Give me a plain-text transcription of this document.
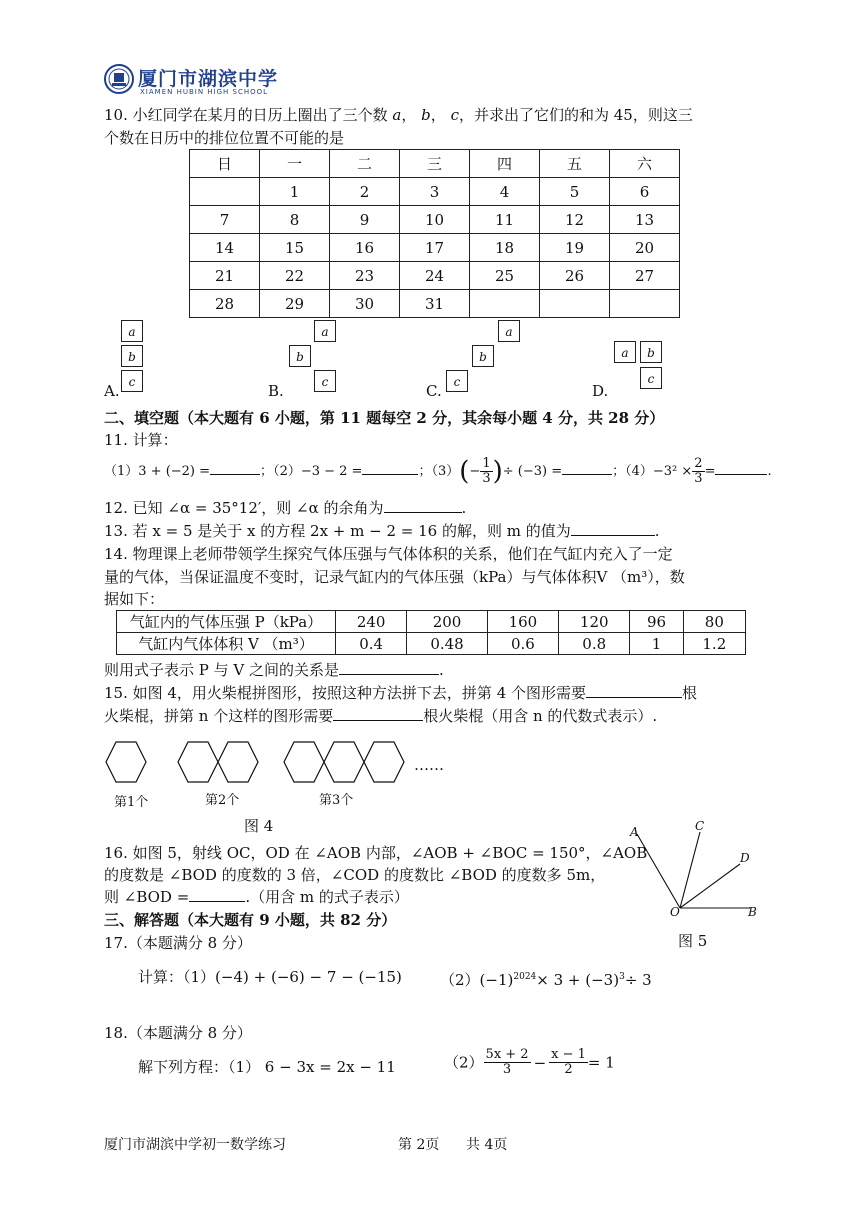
厦门市湖滨中学
XIAMEN HUBIN HIGH SCHOOL
10. 小红同学在某月的日历上圈出了三个数 a， b， c，并求出了它们的和为 45，则这三
个数在日历中的排位位置不可能的是
日	一	二	三	四	五	六
	1	2	3	4	5	6
7	8	9	10	11	12	13
14	15	16	17	18	19	20
21	22	23	24	25	26	27
28	29	30	31			
a
b
c
A.
a
b
c
B.
a
b
c
C.
a	b
c
D.
二、填空题（本大题有 6 小题，第 11 题每空 2 分，其余每小题 4 分，共 28 分）
11. 计算：
（1）3 + (−2) =	；（2）−3 − 2 =	；$(3)(- \frac{1}{3}$ )÷ (−3) =	；$(4)-3^2 \times \frac{2}{3}$ =	.
12. 已知 ∠α = 35°12′，则 ∠α 的余角为	.
13. 若 x = 5 是关于 x 的方程 2x + m − 2 = 16 的解，则 m 的值为	.
14. 物理课上老师带领学生探究气体压强与气体体积的关系，他们在气缸内充入了一定
量的气体，当保证温度不变时，记录气缸内的气体压强（kPa）与气体体积V （m³），数
据如下：
气缸内的气体压强 P（kPa）	240	200	160	120	96	80
气缸内气体体积 V （m³）	0.4	0.48	0.6	0.8	1	1.2
则用式子表示 P 与 V 之间的关系是	.
15. 如图 4，用火柴棍拼图形，按照这种方法拼下去，拼第 4 个图形需要	根
火柴棍，拼第 n 个这样的图形需要	根火柴棍（用含 n 的代数式表示）.
……
第1个	第2个	第3个
图 4	A	C
D
O	B
图 5
16. 如图 5，射线 OC，OD 在 ∠AOB 内部，∠AOB + ∠BOC = 150°，∠AOB
的度数是 ∠BOD 的度数的 3 倍，∠COD 的度数比 ∠BOD 的度数多 5m，
则 ∠BOD =	.（用含 m 的式子表示）
三、解答题（本大题有 9 小题，共 82 分）
17.（本题满分 8 分）
计算：（1）(−4) + (−6) − 7 − (−15)	$(2)(-1)^{2024}\times 3 + (-3)^3\div 3$
18.（本题满分 8 分）
解下列方程：（1） 6 − 3x = 2x − 11	$(2) \frac{5x + 2}{3} - \frac{x - 1}{2} = 1$
厦门市湖滨中学初一数学练习	第 2页 共 4页
